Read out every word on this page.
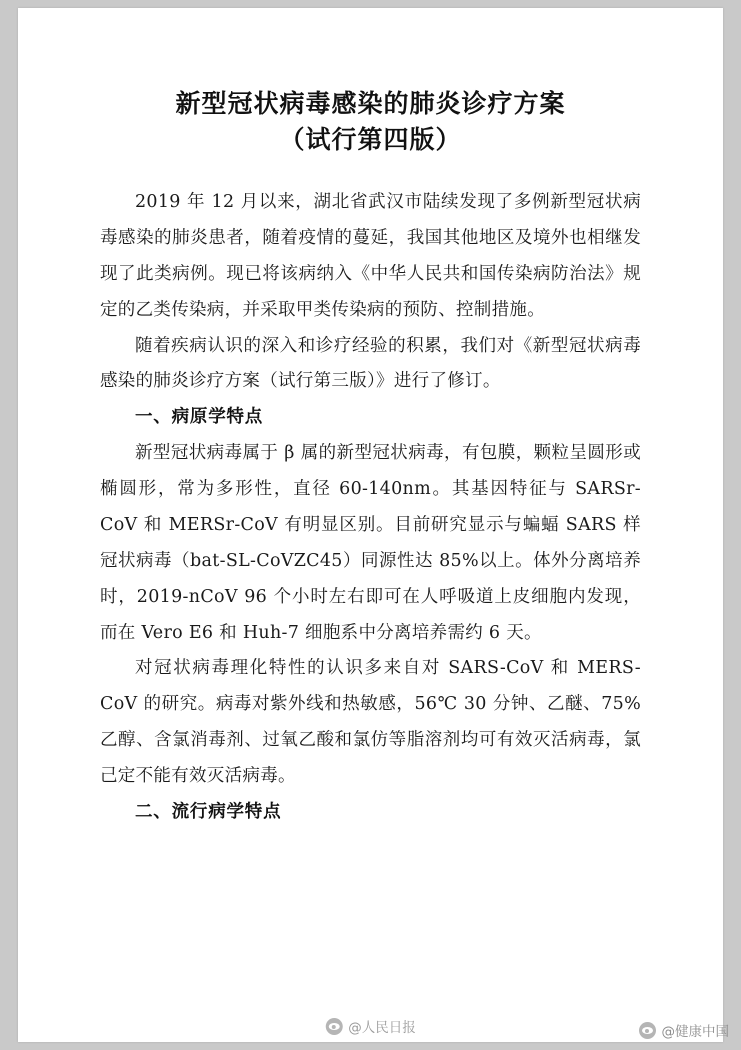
新型冠状病毒感染的肺炎诊疗方案
（试行第四版）

2019 年 12 月以来，湖北省武汉市陆续发现了多例新型冠状病毒感染的肺炎患者，随着疫情的蔓延，我国其他地区及境外也相继发现了此类病例。现已将该病纳入《中华人民共和国传染病防治法》规定的乙类传染病，并采取甲类传染病的预防、控制措施。

随着疾病认识的深入和诊疗经验的积累，我们对《新型冠状病毒感染的肺炎诊疗方案（试行第三版）》进行了修订。

一、病原学特点

新型冠状病毒属于 β 属的新型冠状病毒，有包膜，颗粒呈圆形或椭圆形，常为多形性，直径 60-140nm。其基因特征与 SARSr-CoV 和 MERSr-CoV 有明显区别。目前研究显示与蝙蝠 SARS 样冠状病毒（bat-SL-CoVZC45）同源性达 85%以上。体外分离培养时，2019-nCoV 96 个小时左右即可在人呼吸道上皮细胞内发现，而在 Vero E6 和 Huh-7 细胞系中分离培养需约 6 天。

对冠状病毒理化特性的认识多来自对 SARS-CoV 和 MERS-CoV 的研究。病毒对紫外线和热敏感，56℃ 30 分钟、乙醚、75%乙醇、含氯消毒剂、过氧乙酸和氯仿等脂溶剂均可有效灭活病毒，氯己定不能有效灭活病毒。

二、流行病学特点

@人民日报	@健康中国
